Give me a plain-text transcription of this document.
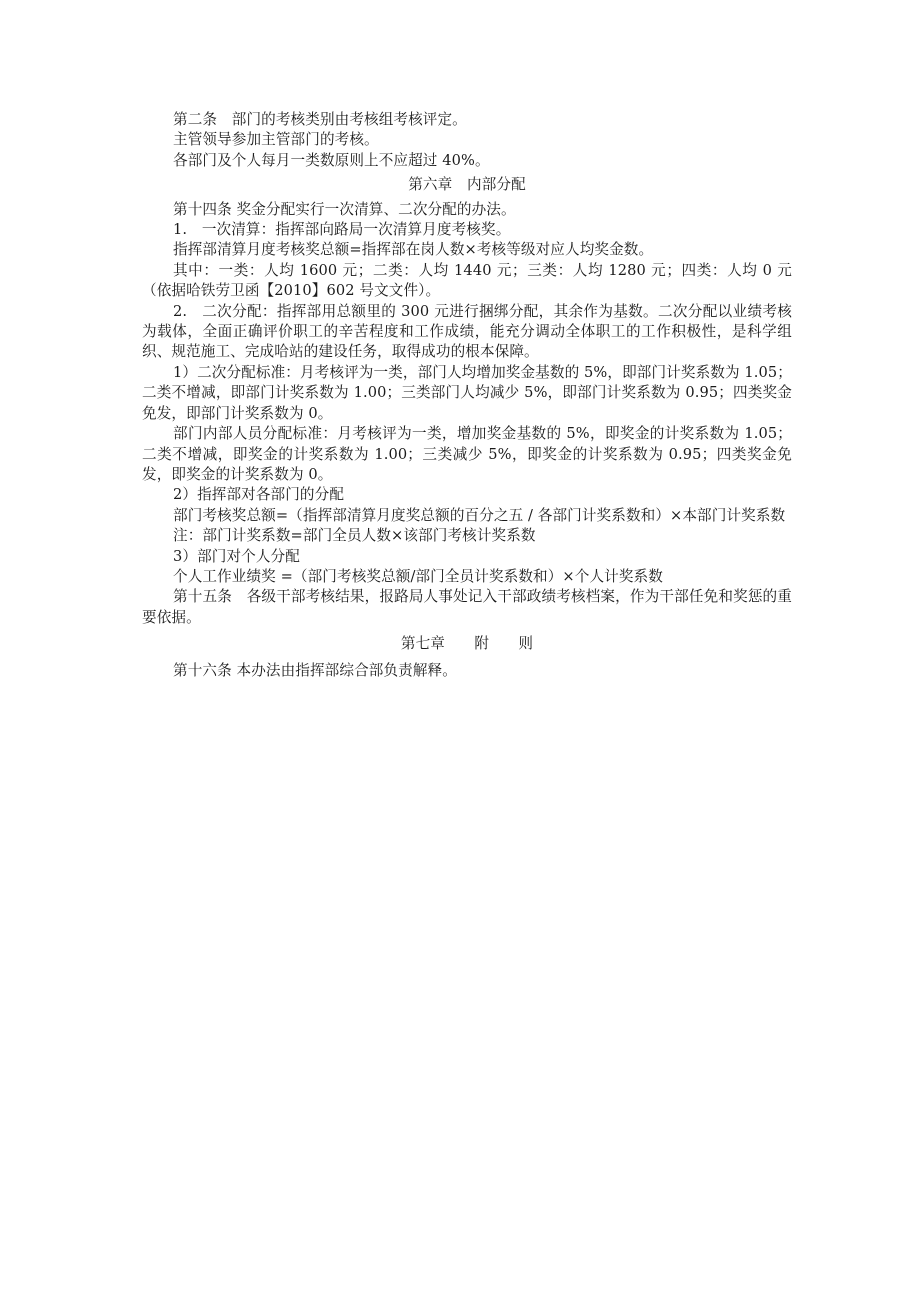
第二条　部门的考核类别由考核组考核评定。

主管领导参加主管部门的考核。

各部门及个人每月一类数原则上不应超过 40%。

第六章　内部分配

第十四条 奖金分配实行一次清算、二次分配的办法。

1.　一次清算：指挥部向路局一次清算月度考核奖。

指挥部清算月度考核奖总额=指挥部在岗人数×考核等级对应人均奖金数。

其中：一类：人均 1600 元；二类：人均 1440 元；三类：人均 1280 元；四类：人均 0 元（依据哈铁劳卫函【2010】602 号文文件）。

2.　二次分配：指挥部用总额里的 300 元进行捆绑分配，其余作为基数。二次分配以业绩考核为载体，全面正确评价职工的辛苦程度和工作成绩，能充分调动全体职工的工作积极性，是科学组织、规范施工、完成哈站的建设任务，取得成功的根本保障。

1）二次分配标准：月考核评为一类，部门人均增加奖金基数的 5%，即部门计奖系数为 1.05；二类不增减，即部门计奖系数为 1.00；三类部门人均减少 5%，即部门计奖系数为 0.95；四类奖金免发，即部门计奖系数为 0。

部门内部人员分配标准：月考核评为一类，增加奖金基数的 5%，即奖金的计奖系数为 1.05；二类不增减，即奖金的计奖系数为 1.00；三类减少 5%，即奖金的计奖系数为 0.95；四类奖金免发，即奖金的计奖系数为 0。

2）指挥部对各部门的分配

部门考核奖总额=（指挥部清算月度奖总额的百分之五 / 各部门计奖系数和）×本部门计奖系数

注：部门计奖系数=部门全员人数×该部门考核计奖系数

3）部门对个人分配

个人工作业绩奖 =（部门考核奖总额/部门全员计奖系数和）×个人计奖系数

第十五条　各级干部考核结果，报路局人事处记入干部政绩考核档案，作为干部任免和奖惩的重要依据。

第七章　　附　　则

第十六条 本办法由指挥部综合部负责解释。
